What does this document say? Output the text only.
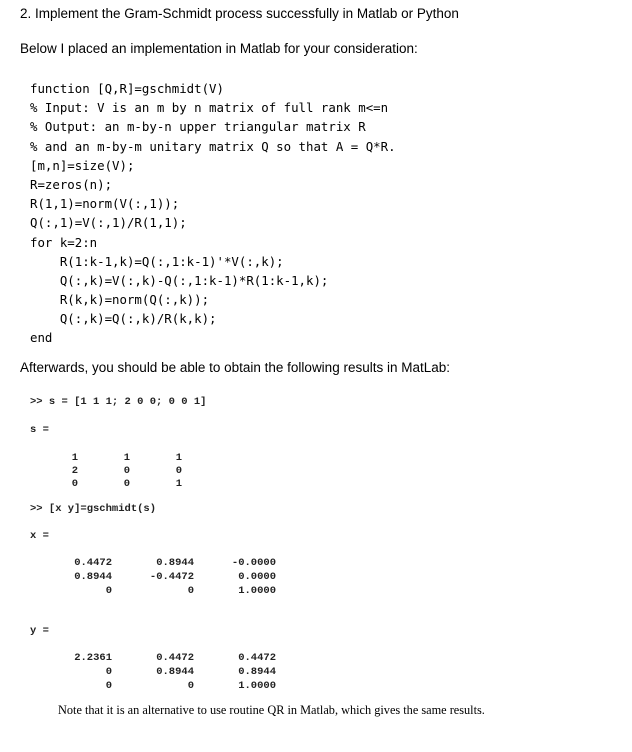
2. Implement the Gram-Schmidt process successfully in Matlab or Python
Below I placed an implementation in Matlab for your consideration:
function [Q,R]=gschmidt(V)
% Input: V is an m by n matrix of full rank m<=n
% Output: an m-by-n upper triangular matrix R
% and an m-by-m unitary matrix Q so that A = Q*R.
[m,n]=size(V);
R=zeros(n);
R(1,1)=norm(V(:,1));
Q(:,1)=V(:,1)/R(1,1);
for k=2:n
R(1:k-1,k)=Q(:,1:k-1)'*V(:,k);
Q(:,k)=V(:,k)-Q(:,1:k-1)*R(1:k-1,k);
R(k,k)=norm(Q(:,k));
Q(:,k)=Q(:,k)/R(k,k);
end
Afterwards, you should be able to obtain the following results in MatLab:
>> s = [1 1 1; 2 0 0; 0 0 1]
s =
1	1	1
2	0	0
0	0	1
>> [x y]=gschmidt(s)
x =
0.4472	0.8944	-0.0000
0.8944	-0.4472	0.0000
0	0	1.0000
y =
2.2361	0.4472	0.4472
0	0.8944	0.8944
0	0	1.0000
Note that it is an alternative to use routine QR in Matlab, which gives the same results.
